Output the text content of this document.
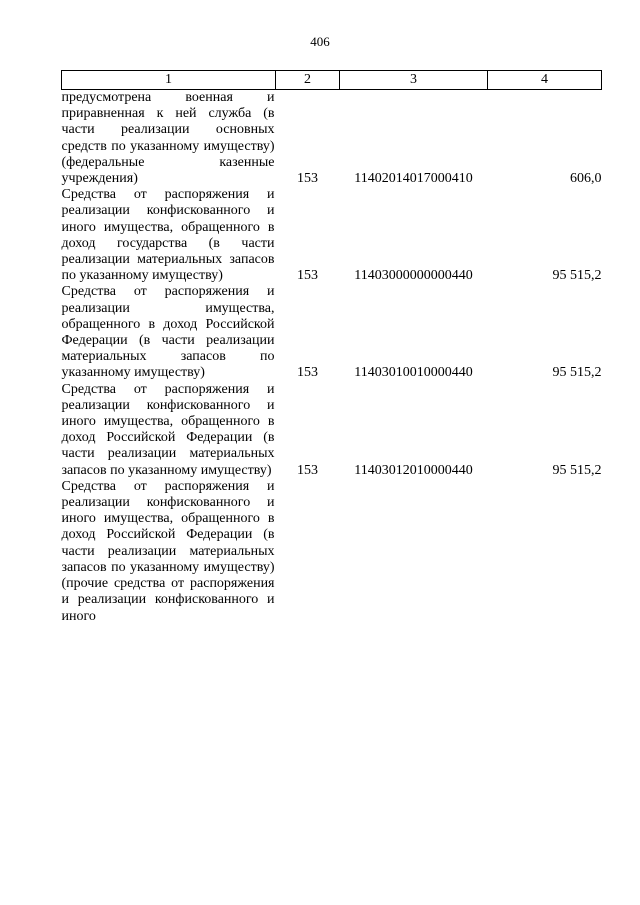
406
1	2	3	4
предусмотрена военная и приравненная к ней служба (в части реализации основных средств по указанному имуществу) (федеральные казенные учреждения)	153	11402014017000410	606,0
Средства от распоряжения и реализации конфискованного и иного имущества, обращенного в доход государства (в части реализации материальных запасов по указанному имуществу)	153	11403000000000440	95 515,2
Средства от распоряжения и реализации имущества, обращенного в доход Российской Федерации (в части реализации материальных запасов по указанному имуществу)	153	11403010010000440	95 515,2
Средства от распоряжения и реализации конфискованного и иного имущества, обращенного в доход Российской Федерации (в части реализации материальных запасов по указанному имуществу)	153	11403012010000440	95 515,2
Средства от распоряжения и реализации конфискованного и иного имущества, обращенного в доход Российской Федерации (в части реализации материальных запасов по указанному имуществу) (прочие средства от распоряжения и реализации конфискованного и иного			
